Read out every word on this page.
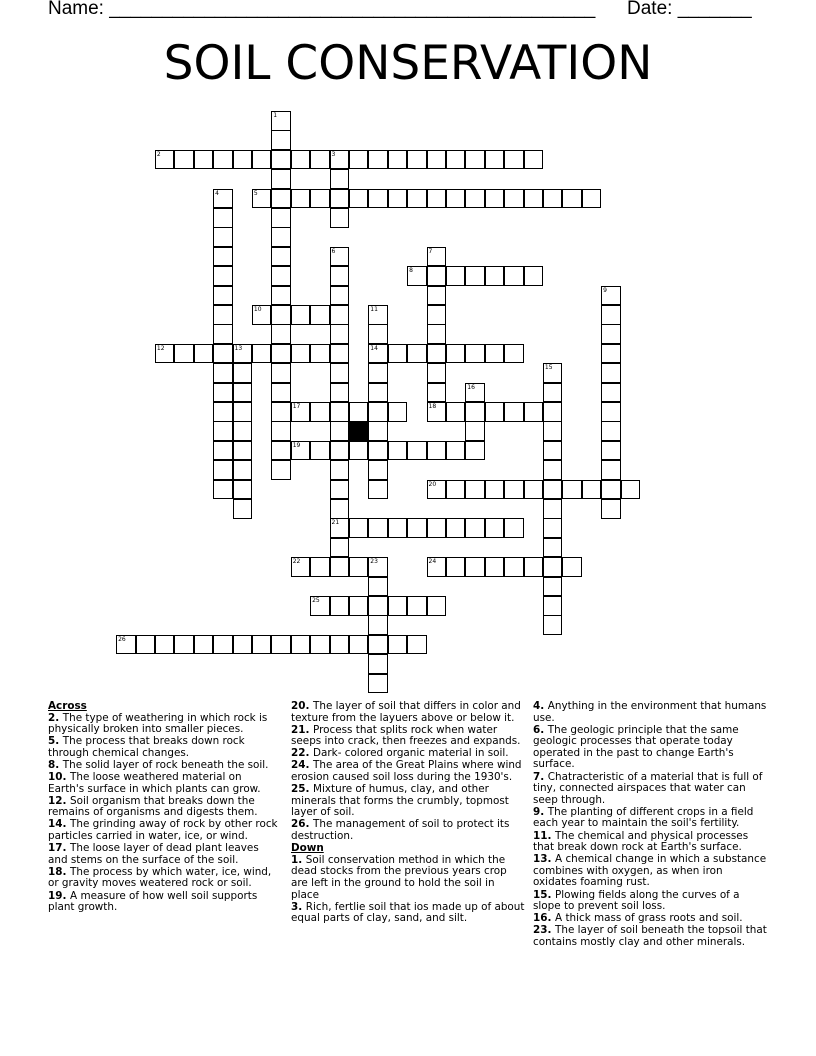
Name: ______________________________________________ Date: _______
SOIL CONSERVATION
1
2	3
4	5
6
21
7
8
9
10	11
14
12	13
15
16
17	18
19
20
22	23	24
25
26
Across
2. The type of weathering in which rock is physically broken into smaller pieces.
5. The process that breaks down rock through chemical changes.
8. The solid layer of rock beneath the soil.
10. The loose weathered material on Earth's surface in which plants can grow.
12. Soil organism that breaks down the remains of organisms and digests them.
14. The grinding away of rock by other rock particles carried in water, ice, or wind.
17. The loose layer of dead plant leaves and stems on the surface of the soil.
18. The process by which water, ice, wind, or gravity moves weatered rock or soil.
19. A measure of how well soil supports plant growth.
20. The layer of soil that differs in color and texture from the layuers above or below it.
21. Process that splits rock when water seeps into crack, then freezes and expands.
22. Dark- colored organic material in soil.
24. The area of the Great Plains where wind erosion caused soil loss during the 1930's.
25. Mixture of humus, clay, and other minerals that forms the crumbly, topmost layer of soil.
26. The management of soil to protect its destruction.
Down
1. Soil conservation method in which the dead stocks from the previous years crop are left in the ground to hold the soil in place
3. Rich, fertlie soil that ios made up of about equal parts of clay, sand, and silt.
4. Anything in the environment that humans use.
6. The geologic principle that the same geologic processes that operate today operated in the past to change Earth's surface.
7. Chatracteristic of a material that is full of tiny, connected airspaces that water can seep through.
9. The planting of different crops in a field each year to maintain the soil's fertility.
11. The chemical and physical processes that break down rock at Earth's surface.
13. A chemical change in which a substance combines with oxygen, as when iron oxidates foaming rust.
15. Plowing fields along the curves of a slope to prevent soil loss.
16. A thick mass of grass roots and soil.
23. The layer of soil beneath the topsoil that contains mostly clay and other minerals.
